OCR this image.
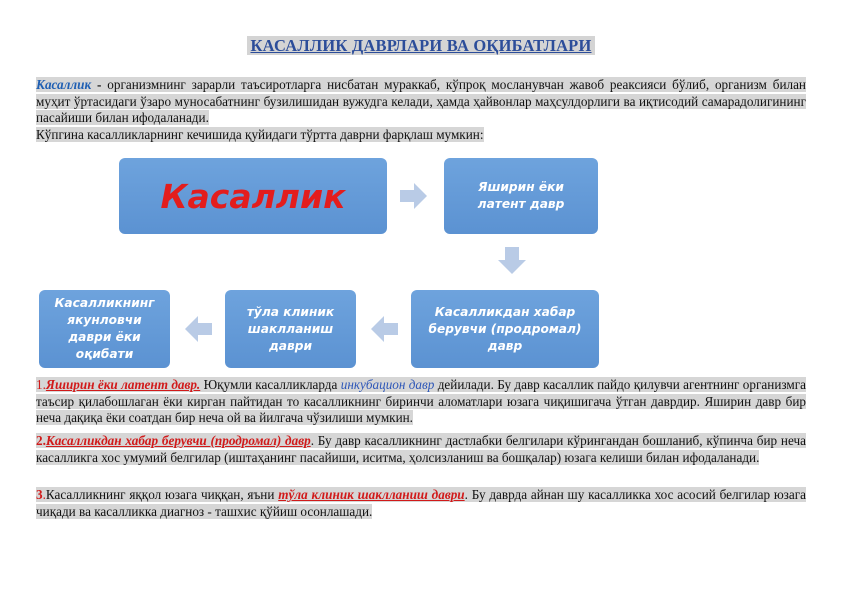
КАСАЛЛИК ДАВРЛАРИ ВА ОҚИБАТЛАРИ
Касаллик - организмнинг зарарли таъсиротларга нисбатан мураккаб, кўпроқ мосланувчан жавоб реаксияси бўлиб, организм билан муҳит ўртасидаги ўзаро муносабатнинг бузилишидан вужудга келади, ҳамда ҳайвонлар маҳсулдорлиги ва иқтисодий самарадолигининг пасайиши билан ифодаланади.
Кўпгина касалликларнинг кечишида қуйидаги тўртта даврни фарқлаш мумкин:
Касаллик	Яширин ёки латент давр
Касалликдан хабар берувчи (продромал) давр
тўла клиник шаклланиш даври
Касалликнинг якунловчи даври ёки оқибати
1.Яширин ёки латент давр. Юқумли касалликларда инкубацион давр дейилади. Бу давр касаллик пайдо қилувчи агентнинг организмга таъсир қилабошлаган ёки кирган пайтидан то касалликнинг биринчи аломатлари юзага чиқишигача ўтган даврдир. Яширин давр бир неча дақиқа ёки соатдан бир неча ой ва йилгача чўзилиши мумкин.
2.Касалликдан хабар берувчи (продромал) давр. Бу давр касалликнинг дастлабки белгилари кўрингандан бошланиб, кўпинча бир неча касалликга хос умумий белгилар (иштаҳанинг пасайиши, иситма, ҳолсизланиш ва бошқалар) юзага келиши билан ифодаланади.
3.Касалликнинг яққол юзага чиққан, яъни тўла клиник шаклланиш даври. Бу даврда айнан шу касалликка хос асосий белгилар юзага чиқади ва касалликка диагноз - ташхис қўйиш осонлашади.
